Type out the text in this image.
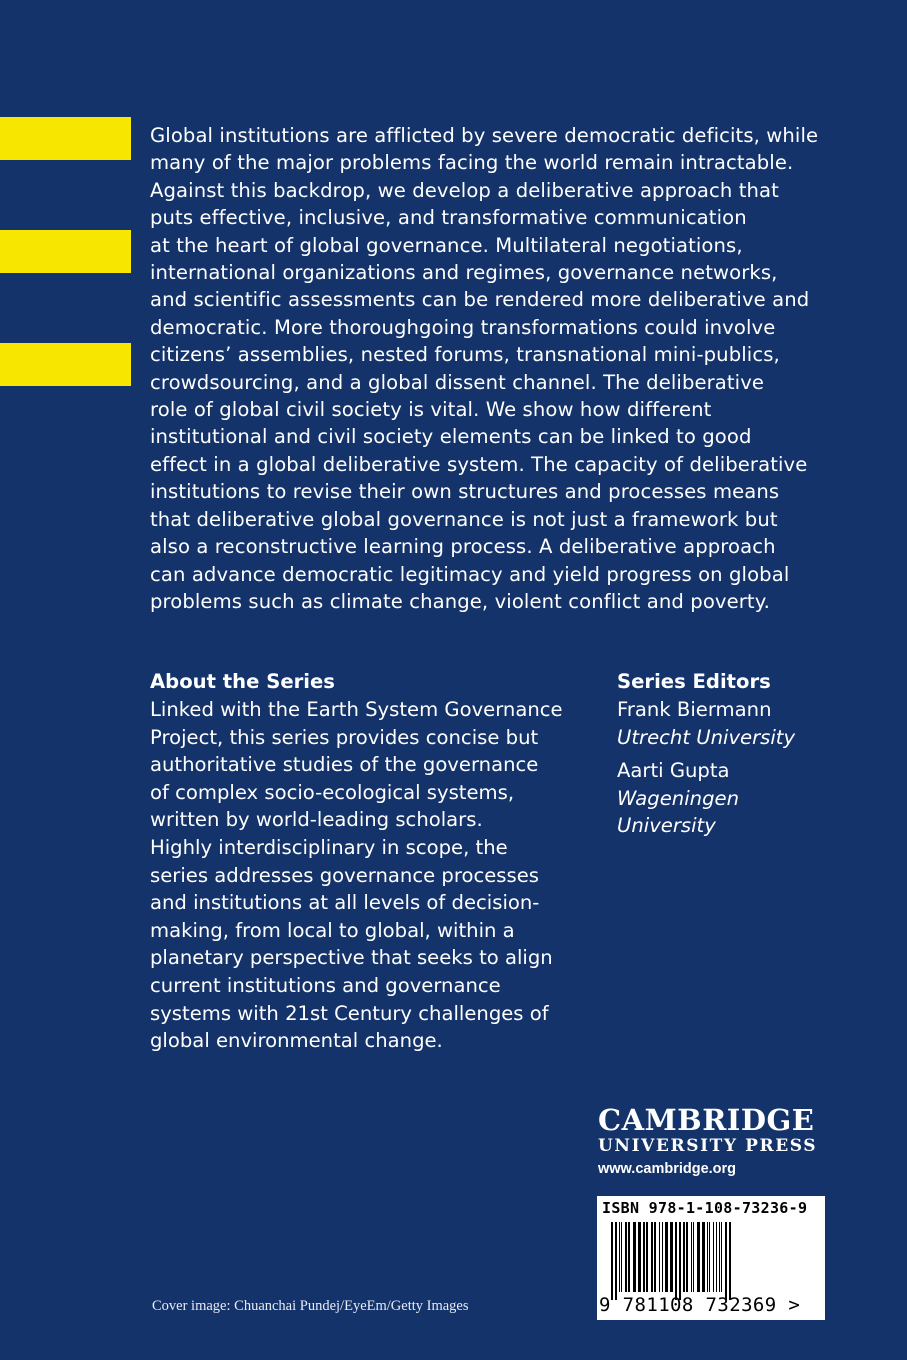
Global institutions are afflicted by severe democratic deficits, while
many of the major problems facing the world remain intractable.
Against this backdrop, we develop a deliberative approach that
puts effective, inclusive, and transformative communication
at the heart of global governance. Multilateral negotiations,
international organizations and regimes, governance networks,
and scientific assessments can be rendered more deliberative and
democratic. More thoroughgoing transformations could involve
citizens’ assemblies, nested forums, transnational mini-publics,
crowdsourcing, and a global dissent channel. The deliberative
role of global civil society is vital. We show how different
institutional and civil society elements can be linked to good
effect in a global deliberative system. The capacity of deliberative
institutions to revise their own structures and processes means
that deliberative global governance is not just a framework but
also a reconstructive learning process. A deliberative approach
can advance democratic legitimacy and yield progress on global
problems such as climate change, violent conflict and poverty.

About the Series

Linked with the Earth System Governance
Project, this series provides concise but
authoritative studies of the governance
of complex socio-ecological systems,
written by world-leading scholars.
Highly interdisciplinary in scope, the
series addresses governance processes
and institutions at all levels of decision-
making, from local to global, within a
planetary perspective that seeks to align
current institutions and governance
systems with 21st Century challenges of
global environmental change.

Series Editors

Frank Biermann
Utrecht University

Aarti Gupta
Wageningen
University

CAMBRIDGE
UNIVERSITY PRESS
www.cambridge.org
ISBN 978-1-108-73236-9
9 781108 732369 >
Cover image: Chuanchai Pundej/EyeEm/Getty Images
